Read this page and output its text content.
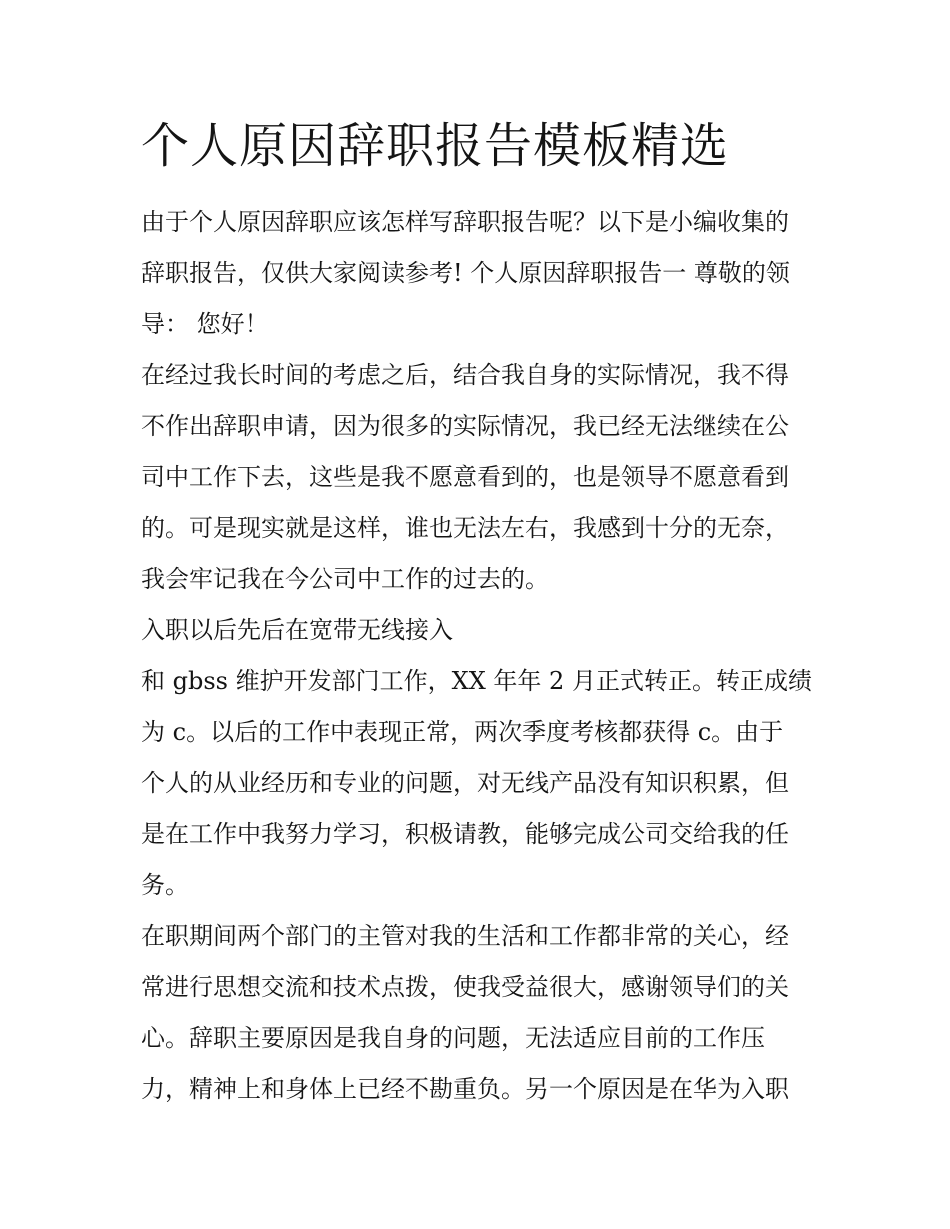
个人原因辞职报告模板精选

由于个人原因辞职应该怎样写辞职报告呢？以下是小编收集的

辞职报告，仅供大家阅读参考! 个人原因辞职报告一 尊敬的领

导： 您好！

在经过我长时间的考虑之后，结合我自身的实际情况，我不得

不作出辞职申请，因为很多的实际情况，我已经无法继续在公

司中工作下去，这些是我不愿意看到的，也是领导不愿意看到

的。可是现实就是这样，谁也无法左右，我感到十分的无奈，

我会牢记我在今公司中工作的过去的。

入职以后先后在宽带无线接入

和 gbss 维护开发部门工作，XX 年年 2 月正式转正。转正成绩

为 c。以后的工作中表现正常，两次季度考核都获得 c。由于

个人的从业经历和专业的问题，对无线产品没有知识积累，但

是在工作中我努力学习，积极请教，能够完成公司交给我的任

务。

在职期间两个部门的主管对我的生活和工作都非常的关心，经

常进行思想交流和技术点拨，使我受益很大，感谢领导们的关

心。辞职主要原因是我自身的问题，无法适应目前的工作压

力，精神上和身体上已经不勘重负。另一个原因是在华为入职
